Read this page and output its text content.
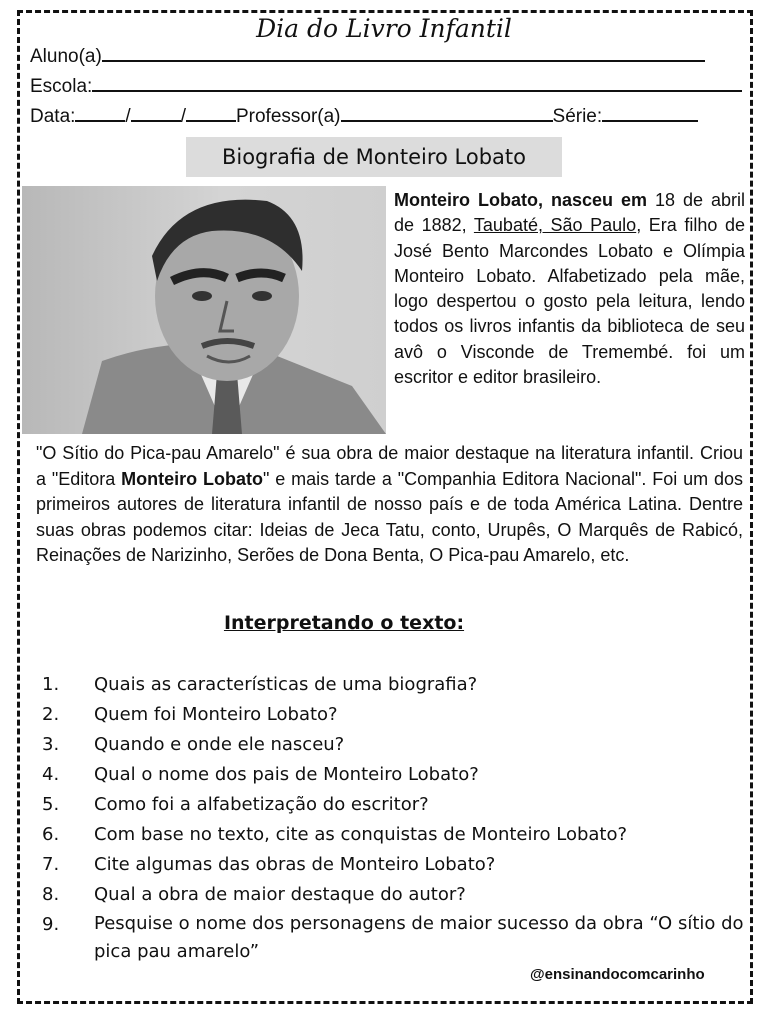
Dia do Livro Infantil
Aluno(a)
Escola:
Data:	/	/	Professor(a)	Série:
Biografia de Monteiro Lobato
Monteiro Lobato, nasceu em 18 de abril de 1882, Taubaté, São Paulo, Era filho de José Bento Marcondes Lobato e Olímpia Monteiro Lobato. Alfabetizado pela mãe, logo despertou o gosto pela leitura, lendo todos os livros infantis da biblioteca de seu avô o Visconde de Tremembé. foi um escritor e editor brasileiro.
"O Sítio do Pica-pau Amarelo" é sua obra de maior destaque na literatura infantil. Criou a "Editora Monteiro Lobato" e mais tarde a "Companhia Editora Nacional". Foi um dos primeiros autores de literatura infantil de nosso país e de toda América Latina. Dentre suas obras podemos citar: Ideias de Jeca Tatu, conto, Urupês, O Marquês de Rabicó, Reinações de Narizinho, Serões de Dona Benta, O Pica-pau Amarelo, etc.
Interpretando o texto:
1.	Quais as características de uma biografia?
2.	Quem foi Monteiro Lobato?
3.	Quando e onde ele nasceu?
4.	Qual o nome dos pais de Monteiro Lobato?
5.	Como foi a alfabetização do escritor?
6.	Com base no texto, cite as conquistas de Monteiro Lobato?
7.	Cite algumas das obras de Monteiro Lobato?
8.	Qual a obra de maior destaque do autor?
9.	Pesquise o nome dos personagens de maior sucesso da obra “O sítio do pica pau amarelo”
@ensinandocomcarinho
